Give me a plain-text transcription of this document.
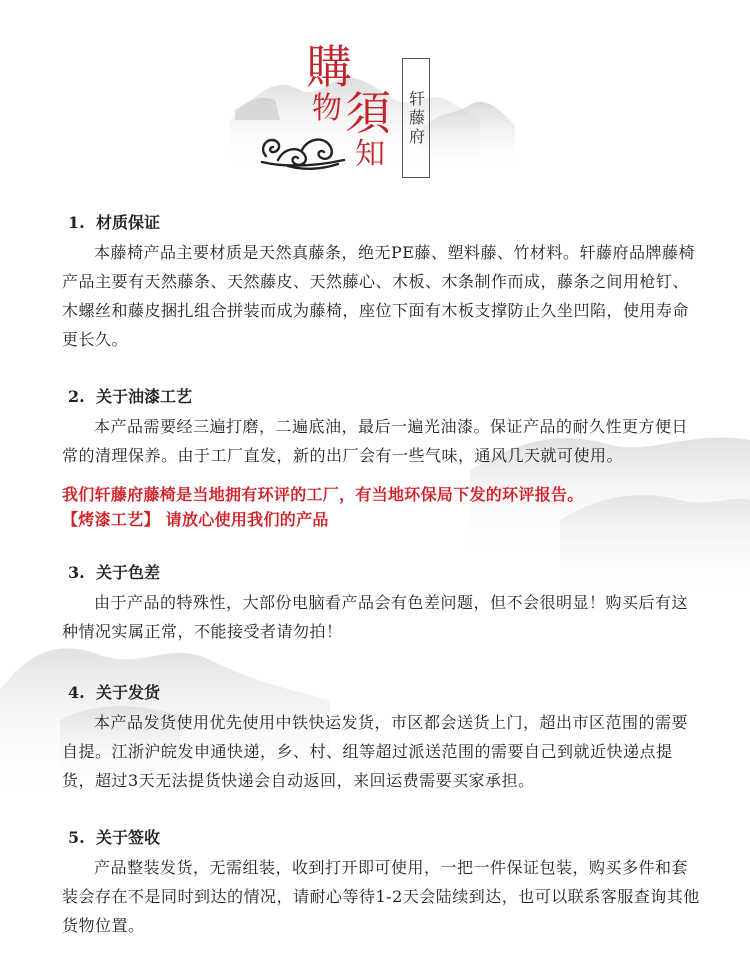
購
物 須
知
轩藤府
1. 材质保证

本藤椅产品主要材质是天然真藤条，绝无PE藤、塑料藤、竹材料。轩藤府品牌藤椅产品主要有天然藤条、天然藤皮、天然藤心、木板、木条制作而成，藤条之间用枪钉、木螺丝和藤皮捆扎组合拼装而成为藤椅，座位下面有木板支撑防止久坐凹陷，使用寿命更长久。

2. 关于油漆工艺

本产品需要经三遍打磨，二遍底油，最后一遍光油漆。保证产品的耐久性更方便日常的清理保养。由于工厂直发，新的出厂会有一些气味，通风几天就可使用。

我们轩藤府藤椅是当地拥有环评的工厂，有当地环保局下发的环评报告。

【烤漆工艺】 请放心使用我们的产品

3. 关于色差

由于产品的特殊性，大部份电脑看产品会有色差问题，但不会很明显！购买后有这种情况实属正常，不能接受者请勿拍！

4. 关于发货

本产品发货使用优先使用中铁快运发货，市区都会送货上门，超出市区范围的需要自提。江浙沪皖发申通快递，乡、村、组等超过派送范围的需要自己到就近快递点提货，超过3天无法提货快递会自动返回，来回运费需要买家承担。

5. 关于签收

产品整装发货，无需组装，收到打开即可使用，一把一件保证包装，购买多件和套装会存在不是同时到达的情况，请耐心等待1-2天会陆续到达，也可以联系客服查询其他货物位置。
